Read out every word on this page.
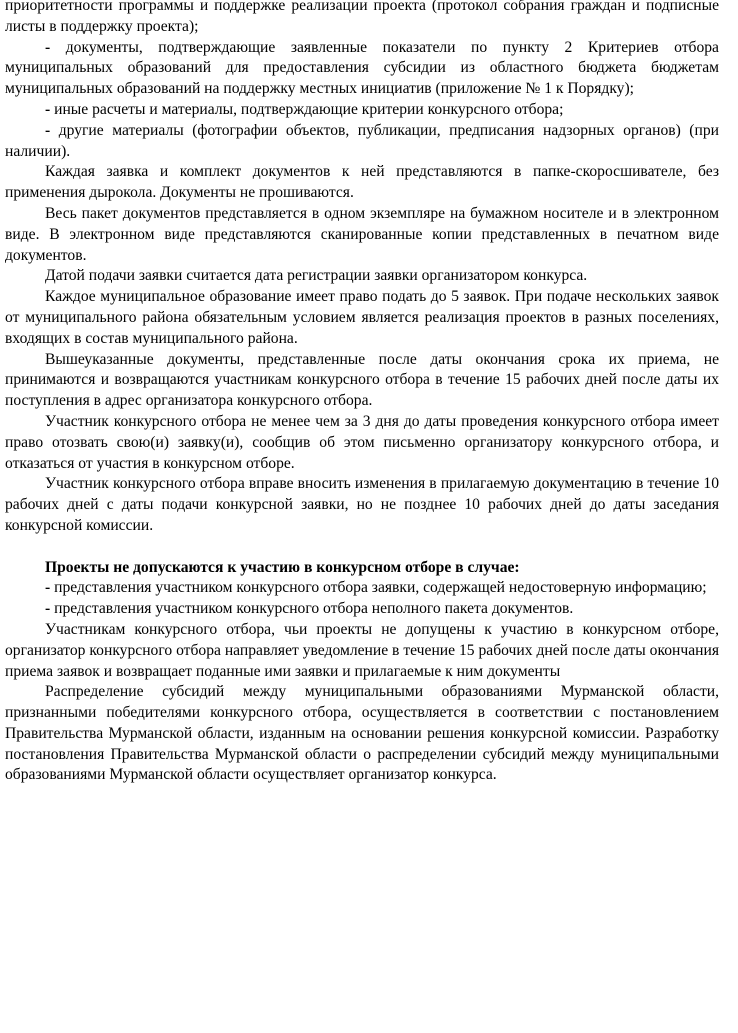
приоритетности программы и поддержке реализации проекта (протокол собрания граждан и подписные листы в поддержку проекта);

- документы, подтверждающие заявленные показатели по пункту 2 Критериев отбора муниципальных образований для предоставления субсидии из областного бюджета бюджетам муниципальных образований на поддержку местных инициатив (приложение № 1 к Порядку);

- иные расчеты и материалы, подтверждающие критерии конкурсного отбора;

- другие материалы (фотографии объектов, публикации, предписания надзорных органов) (при наличии).

Каждая заявка и комплект документов к ней представляются в папке-скоросшивателе, без применения дырокола. Документы не прошиваются.

Весь пакет документов представляется в одном экземпляре на бумажном носителе и в электронном виде. В электронном виде представляются сканированные копии представленных в печатном виде документов.

Датой подачи заявки считается дата регистрации заявки организатором конкурса.

Каждое муниципальное образование имеет право подать до 5 заявок. При подаче нескольких заявок от муниципального района обязательным условием является реализация проектов в разных поселениях, входящих в состав муниципального района.

Вышеуказанные документы, представленные после даты окончания срока их приема, не принимаются и возвращаются участникам конкурсного отбора в течение 15 рабочих дней после даты их поступления в адрес организатора конкурсного отбора.

Участник конкурсного отбора не менее чем за 3 дня до даты проведения конкурсного отбора имеет право отозвать свою(и) заявку(и), сообщив об этом письменно организатору конкурсного отбора, и отказаться от участия в конкурсном отборе.

Участник конкурсного отбора вправе вносить изменения в прилагаемую документацию в течение 10 рабочих дней с даты подачи конкурсной заявки, но не позднее 10 рабочих дней до даты заседания конкурсной комиссии.

Проекты не допускаются к участию в конкурсном отборе в случае:

- представления участником конкурсного отбора заявки, содержащей недостоверную информацию;

- представления участником конкурсного отбора неполного пакета документов.

Участникам конкурсного отбора, чьи проекты не допущены к участию в конкурсном отборе, организатор конкурсного отбора направляет уведомление в течение 15 рабочих дней после даты окончания приема заявок и возвращает поданные ими заявки и прилагаемые к ним документы

Распределение субсидий между муниципальными образованиями Мурманской области, признанными победителями конкурсного отбора, осуществляется в соответствии с постановлением Правительства Мурманской области, изданным на основании решения конкурсной комиссии. Разработку постановления Правительства Мурманской области о распределении субсидий между муниципальными образованиями Мурманской области осуществляет организатор конкурса.
